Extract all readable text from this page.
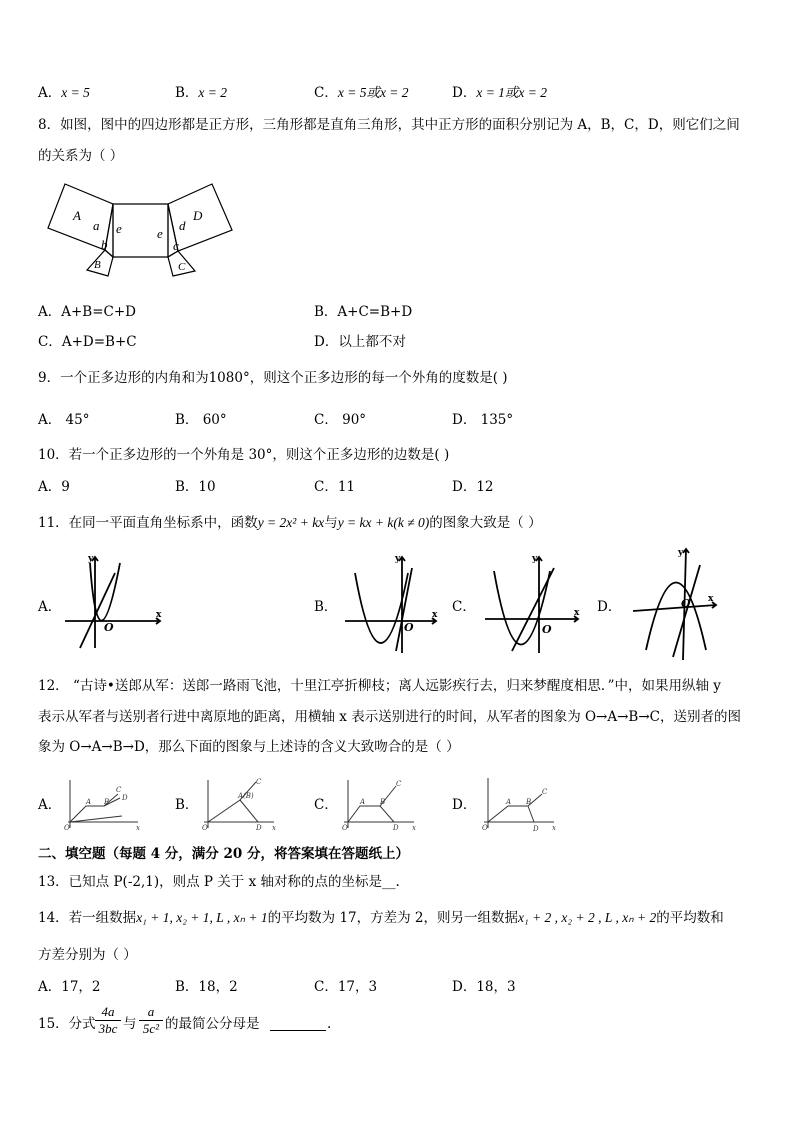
A．x = 5	B．x = 2	C．x = 5或x = 2	D．x = 1或x = 2
8．如图，图中的四边形都是正方形，三角形都是直角三角形，其中正方形的面积分别记为 A，B，C，D，则它们之间
的关系为（ ）
A
a
b
B
e	e
D
d
c
C
A．A+B=C+D	B．A+C=B+D
C．A+D=B+C	D．以上都不对
9．一个正多边形的内角和为1080°，则这个正多边形的每一个外角的度数是( )
A． 45°	B． 60°	C． 90°	D． 135°
10．若一个正多边形的一个外角是 30°，则这个正多边形的边数是( )
A．9	B．10	C．11	D．12
11．在同一平面直角坐标系中，函数y = 2x² + kx与y = kx + k(k ≠ 0)的图象大致是（ ）
A．
y
x
O
B．
y
x
O
C．
y
x
O
D．
y
x
O
12． “古诗•送郎从军：送郎一路雨飞池，十里江亭折柳枝；离人远影疾行去，归来梦醒度相思．”中，如果用纵轴 y
表示从军者与送别者行进中离原地的距离，用横轴 x 表示送别进行的时间，从军者的图象为 O→A→B→C，送别者的图
象为 O→A→B→D，那么下面的图象与上述诗的含义大致吻合的是（ ）
A．	A B
C
D
O	x
B．
A(B)
C
D
O	x
C．	A B
C
D
O	x
D．	A B
C
D
O	x
二、填空题（每题 4 分，满分 20 分，将答案填在答题纸上）
13．已知点 P(-2,1)，则点 P 关于 x 轴对称的点的坐标是__.
14．若一组数据x₁ + 1, x₂ + 1, L , xₙ + 1的平均数为 17，方差为 2，则另一组数据x₁ + 2 , x₂ + 2 , L , xₙ + 2的平均数和
方差分别为（ ）
A．17，2	B．18，2	C．17，3	D．18，3
15．分式
4a
3bc 与
a
5c² 的最简公分母是	.
